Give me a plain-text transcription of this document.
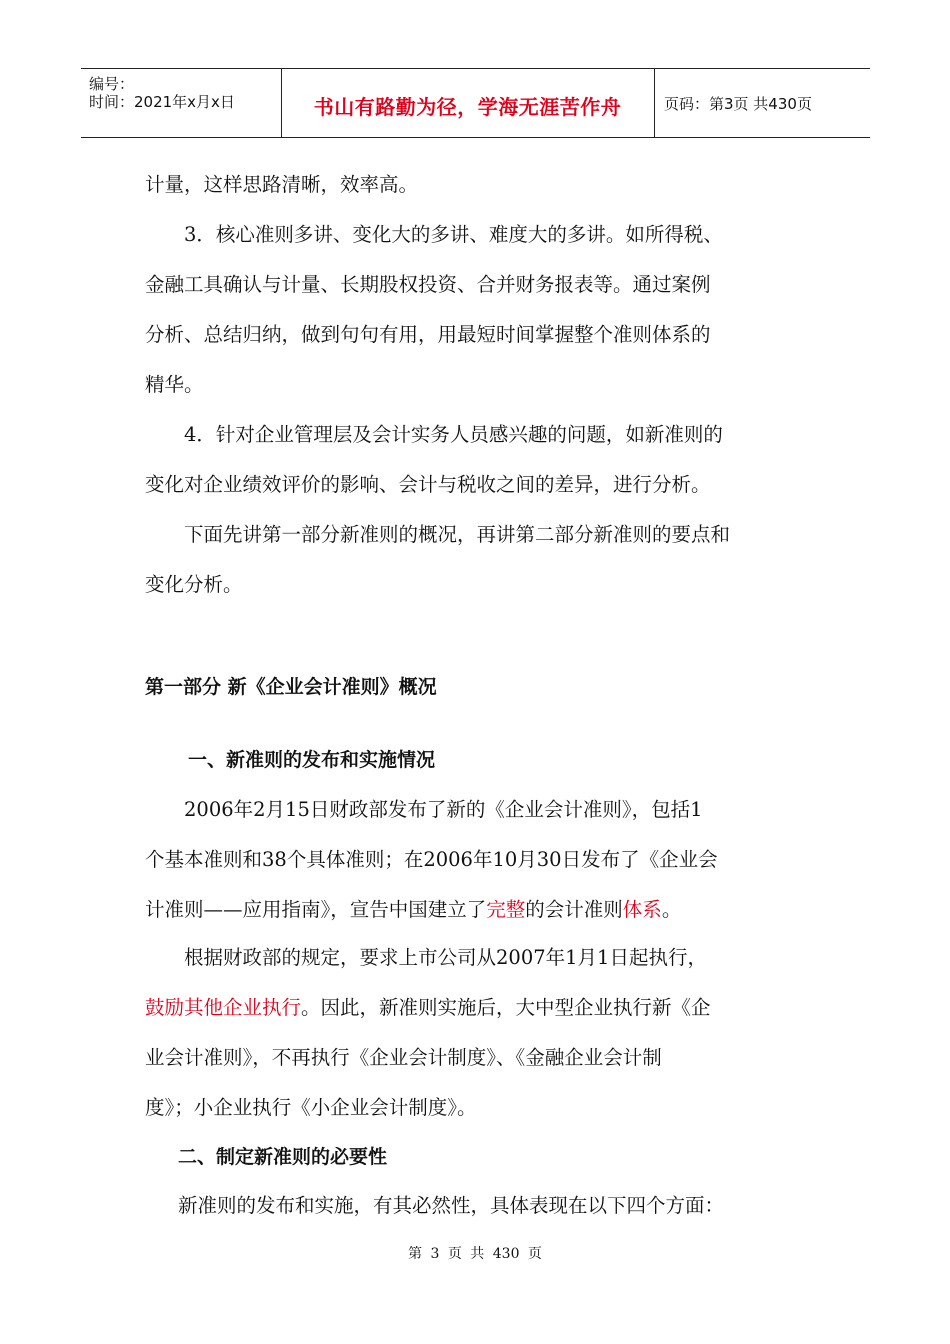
编号：
时间：2021年x月x日	书山有路勤为径，学海无涯苦作舟	页码：第3页 共430页
计量，这样思路清晰，效率高。
3．核心准则多讲、变化大的多讲、难度大的多讲。如所得税、
金融工具确认与计量、长期股权投资、合并财务报表等。通过案例
分析、总结归纳，做到句句有用，用最短时间掌握整个准则体系的
精华。
4．针对企业管理层及会计实务人员感兴趣的问题，如新准则的
变化对企业绩效评价的影响、会计与税收之间的差异，进行分析。
下面先讲第一部分新准则的概况，再讲第二部分新准则的要点和
变化分析。
第一部分 新《企业会计准则》概况
一、新准则的发布和实施情况
2006年2月15日财政部发布了新的《企业会计准则》，包括1
个基本准则和38个具体准则；在2006年10月30日发布了《企业会
计准则——应用指南》，宣告中国建立了完整的会计准则体系。
根据财政部的规定，要求上市公司从2007年1月1日起执行，
鼓励其他企业执行。因此，新准则实施后，大中型企业执行新《企
业会计准则》，不再执行《企业会计制度》、《金融企业会计制
度》；小企业执行《小企业会计制度》。
二、制定新准则的必要性
新准则的发布和实施，有其必然性，具体表现在以下四个方面：
第 3 页 共 430 页
